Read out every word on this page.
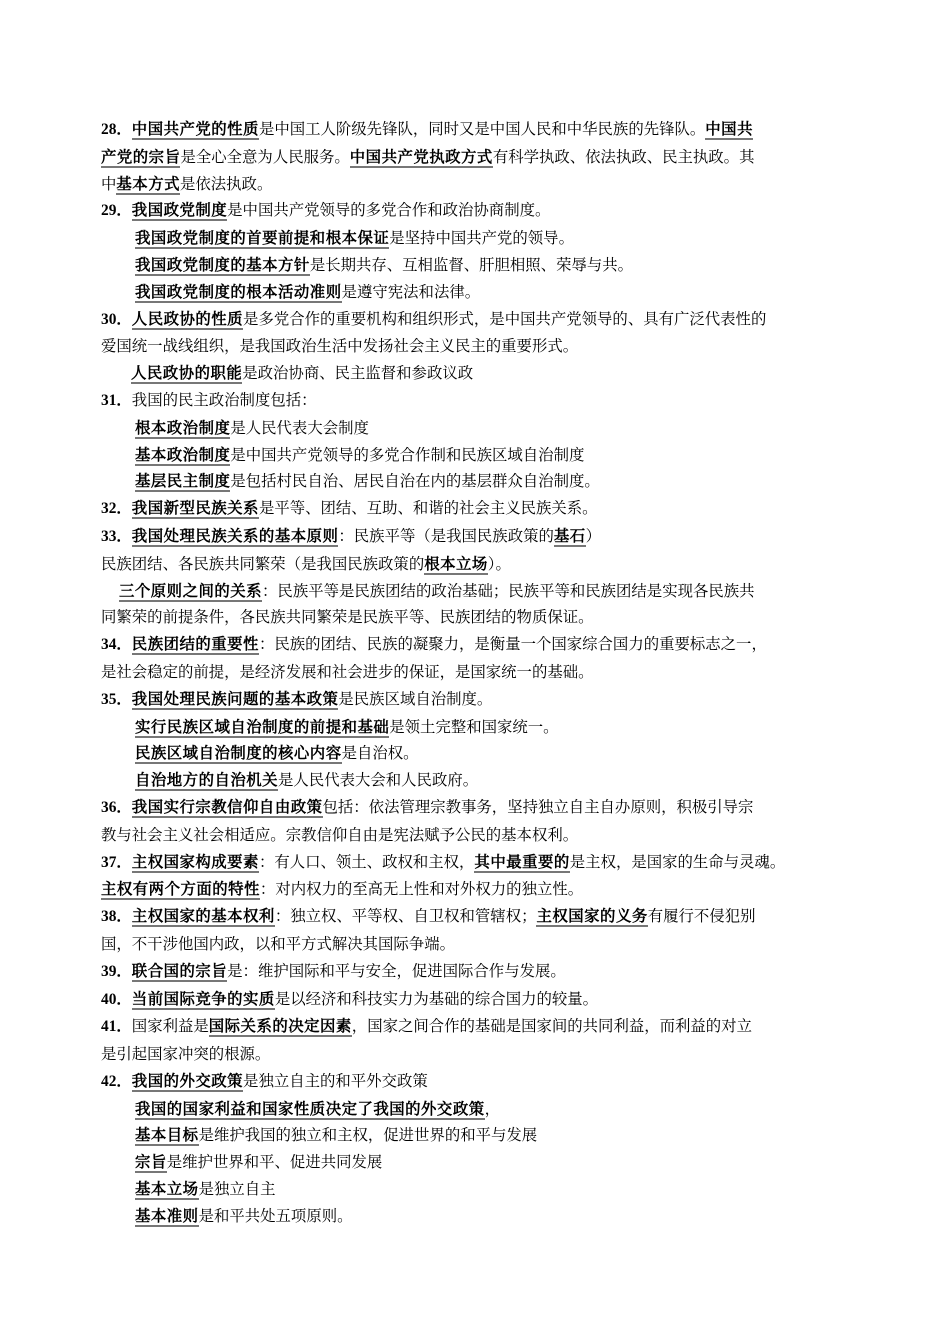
28．中国共产党的性质是中国工人阶级先锋队，同时又是中国人民和中华民族的先锋队。中国共
产党的宗旨是全心全意为人民服务。中国共产党执政方式有科学执政、依法执政、民主执政。其
中基本方式是依法执政。
29．我国政党制度是中国共产党领导的多党合作和政治协商制度。
我国政党制度的首要前提和根本保证是坚持中国共产党的领导。
我国政党制度的基本方针是长期共存、互相监督、肝胆相照、荣辱与共。
我国政党制度的根本活动准则是遵守宪法和法律。
30．人民政协的性质是多党合作的重要机构和组织形式，是中国共产党领导的、具有广泛代表性的
爱国统一战线组织，是我国政治生活中发扬社会主义民主的重要形式。
人民政协的职能是政治协商、民主监督和参政议政
31．我国的民主政治制度包括：
根本政治制度是人民代表大会制度
基本政治制度是中国共产党领导的多党合作制和民族区域自治制度
基层民主制度是包括村民自治、居民自治在内的基层群众自治制度。
32．我国新型民族关系是平等、团结、互助、和谐的社会主义民族关系。
33．我国处理民族关系的基本原则：民族平等（是我国民族政策的基石）
民族团结、各民族共同繁荣（是我国民族政策的根本立场）。
三个原则之间的关系：民族平等是民族团结的政治基础；民族平等和民族团结是实现各民族共
同繁荣的前提条件，各民族共同繁荣是民族平等、民族团结的物质保证。
34．民族团结的重要性：民族的团结、民族的凝聚力，是衡量一个国家综合国力的重要标志之一，
是社会稳定的前提，是经济发展和社会进步的保证，是国家统一的基础。
35．我国处理民族问题的基本政策是民族区域自治制度。
实行民族区域自治制度的前提和基础是领土完整和国家统一。
民族区域自治制度的核心内容是自治权。
自治地方的自治机关是人民代表大会和人民政府。
36．我国实行宗教信仰自由政策包括：依法管理宗教事务，坚持独立自主自办原则，积极引导宗
教与社会主义社会相适应。宗教信仰自由是宪法赋予公民的基本权利。
37．主权国家构成要素：有人口、领土、政权和主权，其中最重要的是主权，是国家的生命与灵魂。
主权有两个方面的特性：对内权力的至高无上性和对外权力的独立性。
38．主权国家的基本权利：独立权、平等权、自卫权和管辖权；主权国家的义务有履行不侵犯别
国，不干涉他国内政，以和平方式解决其国际争端。
39．联合国的宗旨是：维护国际和平与安全，促进国际合作与发展。
40．当前国际竞争的实质是以经济和科技实力为基础的综合国力的较量。
41．国家利益是国际关系的决定因素，国家之间合作的基础是国家间的共同利益，而利益的对立
是引起国家冲突的根源。
42．我国的外交政策是独立自主的和平外交政策
我国的国家利益和国家性质决定了我国的外交政策，
基本目标是维护我国的独立和主权，促进世界的和平与发展
宗旨是维护世界和平、促进共同发展
基本立场是独立自主
基本准则是和平共处五项原则。
